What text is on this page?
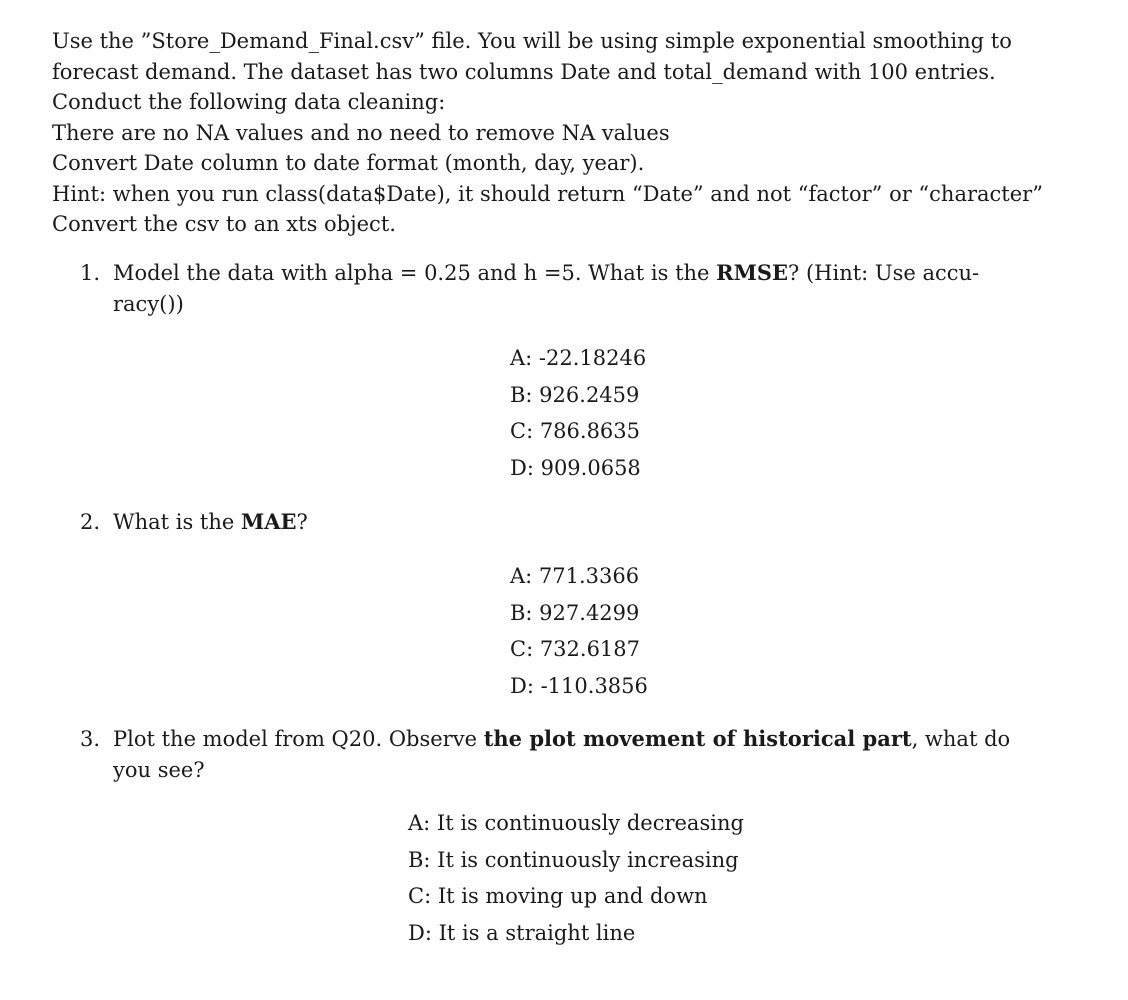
Use the ”Store_Demand_Final.csv” file. You will be using simple exponential smoothing to
forecast demand. The dataset has two columns Date and total_demand with 100 entries.
Conduct the following data cleaning:
There are no NA values and no need to remove NA values
Convert Date column to date format (month, day, year).
Hint: when you run class(data$Date), it should return “Date” and not “factor” or “character”
Convert the csv to an xts object.
1. Model the data with alpha = 0.25 and h =5. What is the RMSE? (Hint: Use accu-
racy())
A: -22.18246
B: 926.2459
C: 786.8635
D: 909.0658
2. What is the MAE?
A: 771.3366
B: 927.4299
C: 732.6187
D: -110.3856
3. Plot the model from Q20. Observe the plot movement of historical part, what do
you see?
A: It is continuously decreasing
B: It is continuously increasing
C: It is moving up and down
D: It is a straight line
